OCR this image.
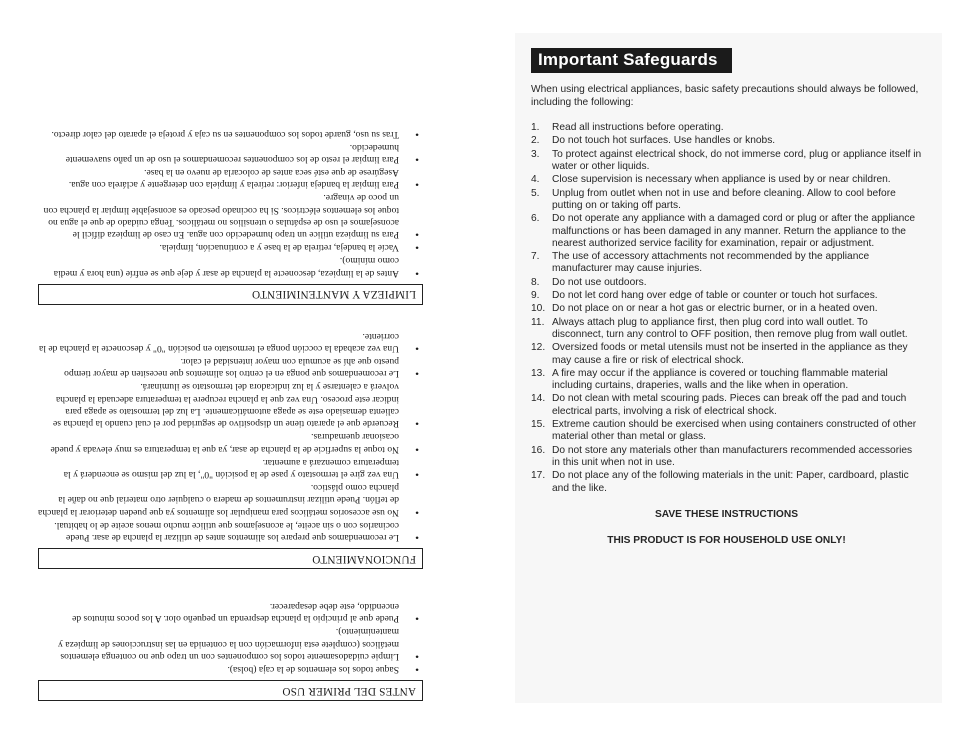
ANTES DEL PRIMER USO
•
Saque todos los elementos de la caja (bolsa).
•
Limpie cuidadosamente todos los componentes con un trapo que no contenga elementos metálicos (complete esta información con la contenida en las instrucciones de limpieza y mantenimiento).
•
Puede que al principio la plancha desprenda un pequeño olor. A los pocos minutos de encendido, este debe desaparecer.
FUNCIONAMIENTO
•
Le recomendamos que prepare los alimentos antes de utilizar la plancha de asar. Puede cocinarlos con o sin aceite, le aconsejamos que utilice mucho menos aceite de lo habitual.
•
No use accesorios metálicos para manipular los alimentos ya que pueden deteriorar la plancha de teflón. Puede utilizar instrumentos de madera o cualquier otro material que no dañe la plancha como plástico.
•
Una vez gire el termostato y pase de la posición "0", la luz del mismo se encenderá y la temperatura comenzará a aumentar.
•
No toque la superficie de la plancha de asar, ya que la temperatura es muy elevada y puede ocasionar quemaduras.
•
Recuerde que el aparato tiene un dispositivo de seguridad por el cual cuando la plancha se calienta demasiado este se apaga automáticamente. La luz del termostato se apaga para indicar este proceso. Una vez que la plancha recupere la temperatura adecuada la plancha volverá a calentarse y la luz indicadora del termostato se iluminará.
•
Le recomendamos que ponga en el centro los alimentos que necesiten de mayor tiempo puesto que ahí se acumula con mayor intensidad el calor.
•
Una vez acabada la cocción ponga el termostato en posición "0" y desconecte la plancha de la corriente.
LIMPIEZA Y MANTENIMIENTO
•
Antes de la limpieza, desconecte la plancha de asar y deje que se enfríe (una hora y media como mínimo).
•
Vacíe la bandeja, retírela de la base y a continuación, límpiela.
•
Para su limpieza utilice un trapo humedecido con agua. En caso de limpieza difícil le aconsejamos el uso de espátulas o utensilios no metálicos. Tenga cuidado de que el agua no toque los elementos eléctricos. Si ha cocinado pescado es aconsejable limpiar la plancha con un poco de vinagre.
•
Para limpiar la bandeja inferior: retírela y límpiela con detergente y aclárela con agua. Asegúrese de que esté seca antes de colocarla de nuevo en la base.
•
Para limpiar el resto de los componentes recomendamos el uso de un paño suavemente humedecido.
•
Tras su uso, guarde todos los componentes en su caja y proteja el aparato del calor directo.
Important Safeguards

When using electrical appliances, basic safety precautions should always be followed, including the following:

1.	Read all instructions before operating.
2.	Do not touch hot surfaces. Use handles or knobs.
3.	To protect against electrical shock, do not immerse cord, plug or appliance itself in water or other liquids.
4.	Close supervision is necessary when appliance is used by or near children.
5.	Unplug from outlet when not in use and before cleaning. Allow to cool before putting on or taking off parts.
6.	Do not operate any appliance with a damaged cord or plug or after the appliance malfunctions or has been damaged in any manner. Return the appliance to the nearest authorized service facility for examination, repair or adjustment.
7.	The use of accessory attachments not recommended by the appliance manufacturer may cause injuries.
8.	Do not use outdoors.
9.	Do not let cord hang over edge of table or counter or touch hot surfaces.
10. Do not place on or near a hot gas or electric burner, or in a heated oven.
11. Always attach plug to appliance first, then plug cord into wall outlet. To disconnect, turn any control to OFF position, then remove plug from wall outlet.
12. Oversized foods or metal utensils must not be inserted in the appliance as they may cause a fire or risk of electrical shock.
13. A fire may occur if the appliance is covered or touching flammable material including curtains, draperies, walls and the like when in operation.
14. Do not clean with metal scouring pads. Pieces can break off the pad and touch electrical parts, involving a risk of electrical shock.
15. Extreme caution should be exercised when using containers constructed of other material other than metal or glass.
16. Do not store any materials other than manufacturers recommended accessories in this unit when not in use.
17. Do not place any of the following materials in the unit: Paper, cardboard, plastic and the like.
SAVE THESE INSTRUCTIONS
THIS PRODUCT IS FOR HOUSEHOLD USE ONLY!
